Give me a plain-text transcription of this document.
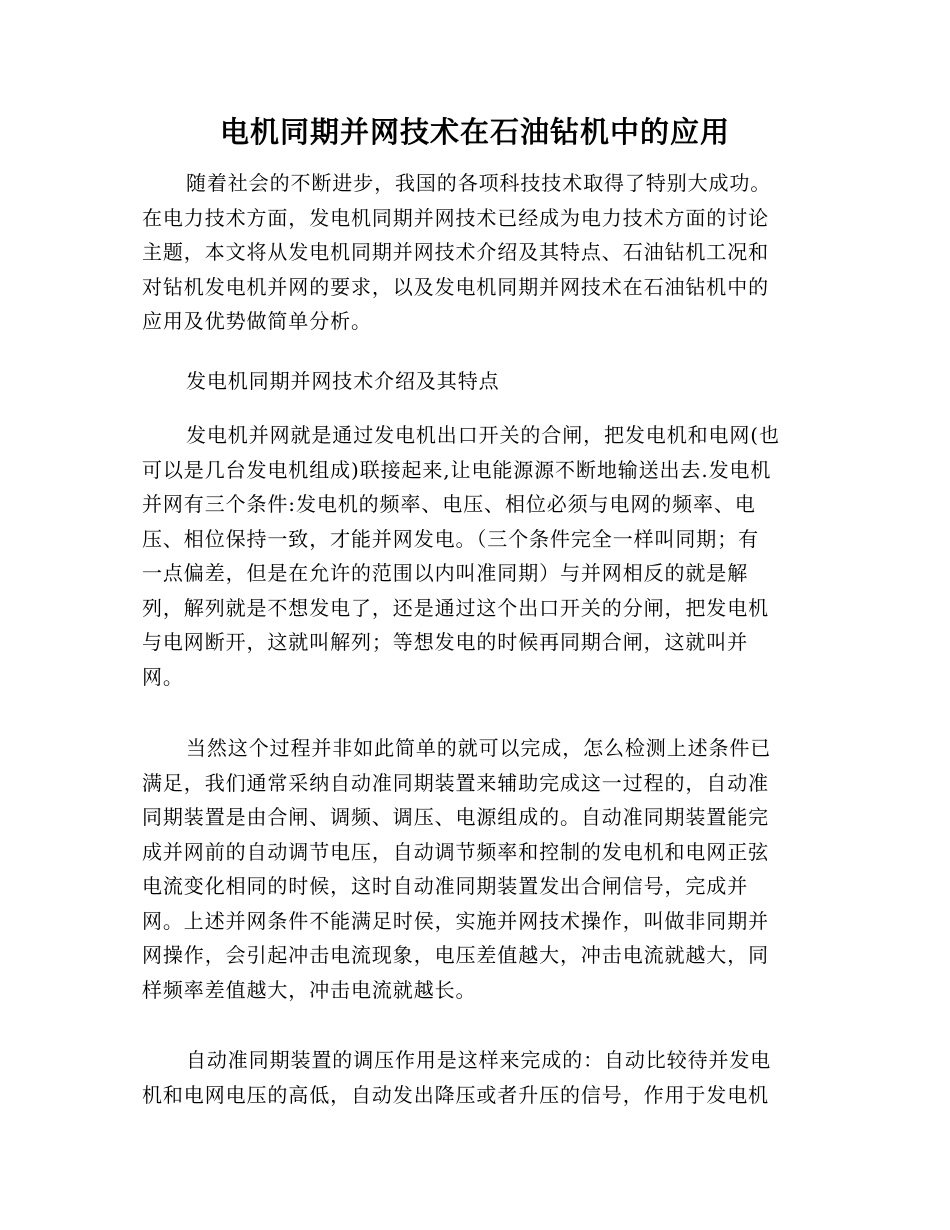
电机同期并网技术在石油钻机中的应用
随着社会的不断进步，我国的各项科技技术取得了特别大成功。
在电力技术方面，发电机同期并网技术已经成为电力技术方面的讨论
主题，本文将从发电机同期并网技术介绍及其特点、石油钻机工况和
对钻机发电机并网的要求，以及发电机同期并网技术在石油钻机中的
应用及优势做简单分析。
发电机同期并网技术介绍及其特点
发电机并网就是通过发电机出口开关的合闸，把发电机和电网(也
可以是几台发电机组成)联接起来,让电能源源不断地输送出去.发电机
并网有三个条件:发电机的频率、电压、相位必须与电网的频率、电
压、相位保持一致，才能并网发电。（三个条件完全一样叫同期；有
一点偏差，但是在允许的范围以内叫准同期）与并网相反的就是解
列，解列就是不想发电了，还是通过这个出口开关的分闸，把发电机
与电网断开，这就叫解列；等想发电的时候再同期合闸，这就叫并
网。
当然这个过程并非如此简单的就可以完成，怎么检测上述条件已
满足，我们通常采纳自动准同期装置来辅助完成这一过程的，自动准
同期装置是由合闸、调频、调压、电源组成的。自动准同期装置能完
成并网前的自动调节电压，自动调节频率和控制的发电机和电网正弦
电流变化相同的时候，这时自动准同期装置发出合闸信号，完成并
网。上述并网条件不能满足时侯，实施并网技术操作，叫做非同期并
网操作，会引起冲击电流现象，电压差值越大，冲击电流就越大，同
样频率差值越大，冲击电流就越长。
自动准同期装置的调压作用是这样来完成的：自动比较待并发电
机和电网电压的高低，自动发出降压或者升压的信号，作用于发电机
